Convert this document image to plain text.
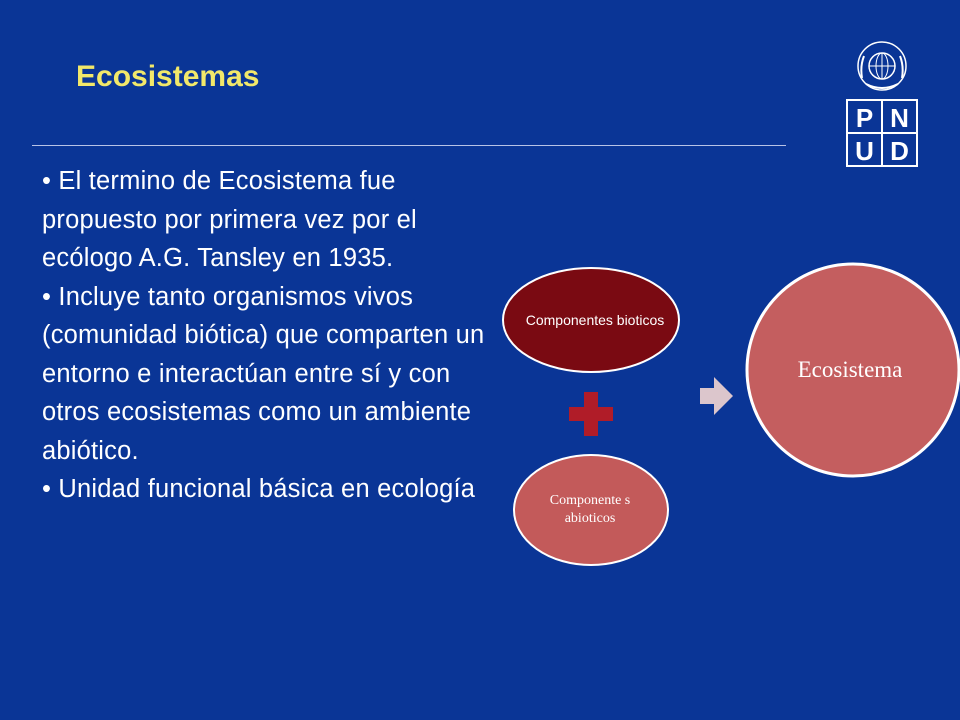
Ecosistemas

• El termino de Ecosistema fue propuesto por primera vez por el ecólogo A.G. Tansley en 1935.

• Incluye tanto organismos vivos (comunidad biótica) que comparten un entorno e interactúan entre sí y con otros ecosistemas como un ambiente abiótico.

• Unidad funcional básica en ecología

Componentes bioticos
Componente s abioticos
Ecosistema
P N
U D
